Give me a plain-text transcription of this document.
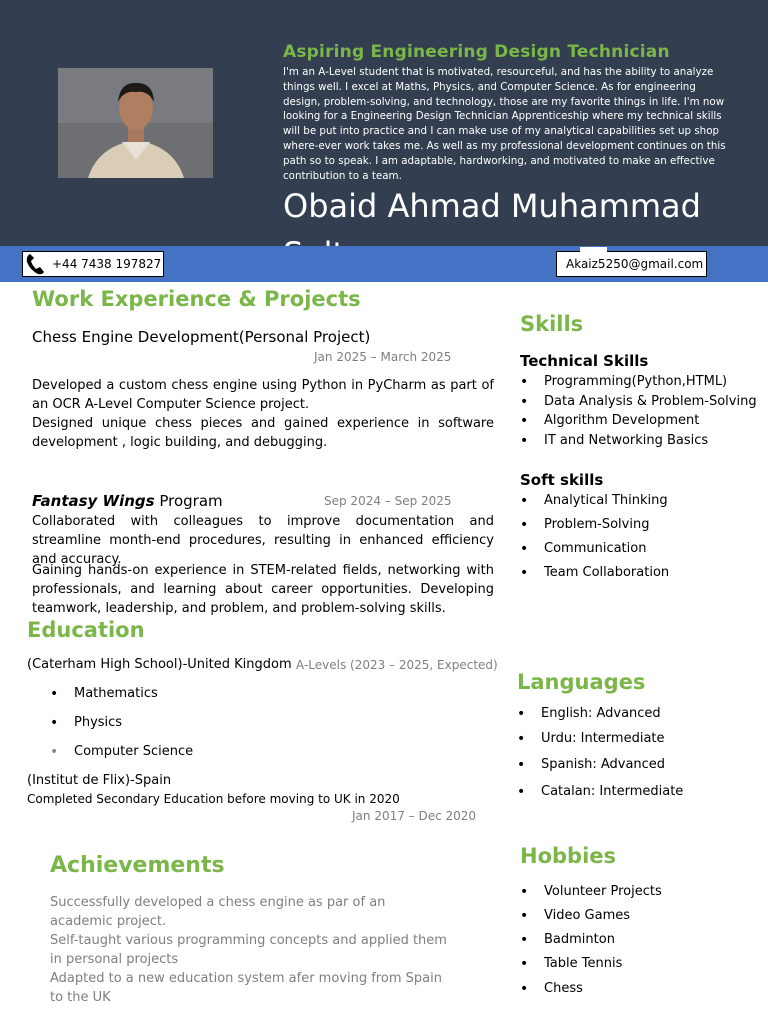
Aspiring Engineering Design Technician
I'm an A-Level student that is motivated, resourceful, and has the ability to analyze things well. I excel at Maths, Physics, and Computer Science. As for engineering design, problem-solving, and technology, those are my favorite things in life. I'm now looking for a Engineering Design Technician Apprenticeship where my technical skills will be put into practice and I can make use of my analytical capabilities set up shop where-ever work takes me. As well as my professional development continues on this path so to speak. I am adaptable, hardworking, and motivated to make an effective contribution to a team.
Obaid Ahmad Muhammad
+44 7438 197827	Akaiz5250@gmail.com
Work Experience & Projects
Chess Engine Development(Personal Project)
Jan 2025 – March 2025
Developed a custom chess engine using Python in PyCharm as part of an OCR A-Level Computer Science project.
Designed unique chess pieces and gained experience in software development , logic building, and debugging.
Fantasy Wings Program	Sep 2024 – Sep 2025
Collaborated with colleagues to improve documentation and streamline month-end procedures, resulting in enhanced efficiency and accuracy.
Gaining hands-on experience in STEM-related fields, networking with professionals, and learning about career opportunities. Developing teamwork, leadership, and problem, and problem-solving skills.
Education
(Caterham High School)-United Kingdom A-Levels (2023 – 2025, Expected)
• Mathematics
• Physics
• Computer Science
(Institut de Flix)-Spain
Completed Secondary Education before moving to UK in 2020
Jan 2017 – Dec 2020
Achievements
Successfully developed a chess engine as par of an academic project.
Self-taught various programming concepts and applied them in personal projects
Adapted to a new education system afer moving from Spain to the UK
Skills
Technical Skills
• Programming(Python,HTML)
• Data Analysis & Problem-Solving
• Algorithm Development
• IT and Networking Basics
Soft skills
• Analytical Thinking
• Problem-Solving
• Communication
• Team Collaboration
Languages
• English: Advanced
• Urdu: Intermediate
• Spanish: Advanced
• Catalan: Intermediate
Hobbies
• Volunteer Projects
• Video Games
• Badminton
• Table Tennis
• Chess
